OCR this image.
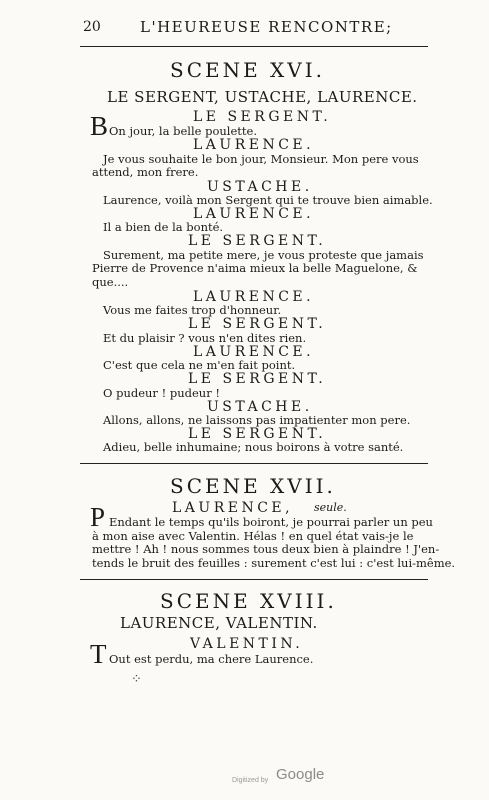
20	L'HEUREUSE RENCONTRE;
SCENE XVI.
LE SERGENT, USTACHE, LAURENCE.
LE SERGENT.
B On jour, la belle poulette.
LAURENCE.
Je vous souhaite le bon jour, Monsieur. Mon pere vous
attend, mon frere.
USTACHE.
Laurence, voilà mon Sergent qui te trouve bien aimable.
LAURENCE.
Il a bien de la bonté.
LE SERGENT.
Surement, ma petite mere, je vous proteste que jamais
Pierre de Provence n'aima mieux la belle Maguelone, &
que....
LAURENCE.
Vous me faites trop d'honneur.
LE SERGENT.
Et du plaisir ? vous n'en dites rien.
LAURENCE.
C'est que cela ne m'en fait point.
LE SERGENT.
O pudeur ! pudeur !
USTACHE.
Allons, allons, ne laissons pas impatienter mon pere.
LE SERGENT.
Adieu, belle inhumaine; nous boirons à votre santé.
SCENE XVII.
LAURENCE, seule.
P Endant le temps qu'ils boiront, je pourrai parler un peu
à mon aise avec Valentin. Hélas ! en quel état vais-je le
mettre ! Ah ! nous sommes tous deux bien à plaindre ! J'en-
tends le bruit des feuilles : surement c'est lui : c'est lui-même.
SCENE XVIII.
LAURENCE, VALENTIN.
VALENTIN.
T Out est perdu, ma chere Laurence.
⁘
Digitized by Google
